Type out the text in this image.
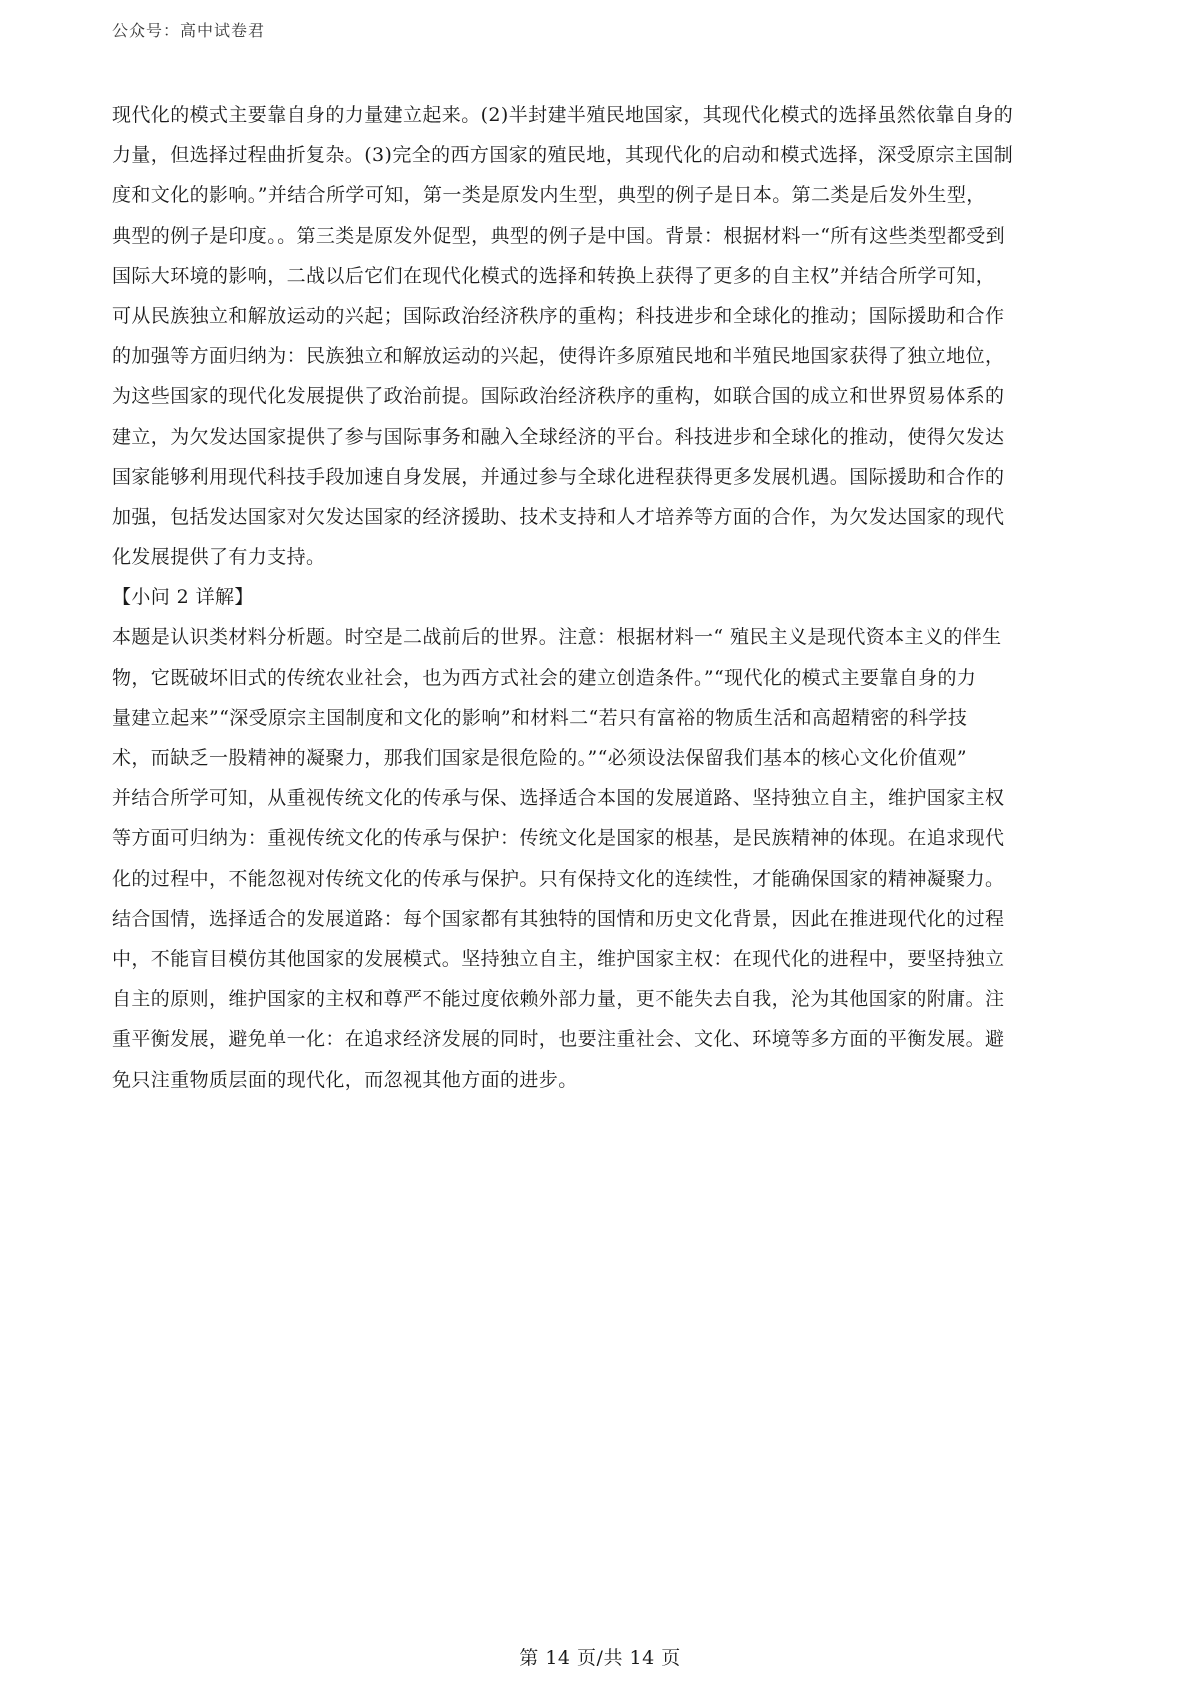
公众号：高中试卷君
现代化的模式主要靠自身的力量建立起来。(2)半封建半殖民地国家，其现代化模式的选择虽然依靠自身的
力量，但选择过程曲折复杂。(3)完全的西方国家的殖民地，其现代化的启动和模式选择，深受原宗主国制
度和文化的影响。”并结合所学可知，第一类是原发内生型，典型的例子是日本。第二类是后发外生型，
典型的例子是印度。。第三类是原发外促型，典型的例子是中国。背景：根据材料一“所有这些类型都受到
国际大环境的影响，二战以后它们在现代化模式的选择和转换上获得了更多的自主权”并结合所学可知，
可从民族独立和解放运动的兴起；国际政治经济秩序的重构；科技进步和全球化的推动；国际援助和合作
的加强等方面归纳为：民族独立和解放运动的兴起，使得许多原殖民地和半殖民地国家获得了独立地位，
为这些国家的现代化发展提供了政治前提。国际政治经济秩序的重构，如联合国的成立和世界贸易体系的
建立，为欠发达国家提供了参与国际事务和融入全球经济的平台。科技进步和全球化的推动，使得欠发达
国家能够利用现代科技手段加速自身发展，并通过参与全球化进程获得更多发展机遇。国际援助和合作的
加强，包括发达国家对欠发达国家的经济援助、技术支持和人才培养等方面的合作，为欠发达国家的现代
化发展提供了有力支持。
【小问 2 详解】
本题是认识类材料分析题。时空是二战前后的世界。注意：根据材料一“ 殖民主义是现代资本主义的伴生
物，它既破坏旧式的传统农业社会，也为西方式社会的建立创造条件。”“现代化的模式主要靠自身的力
量建立起来”“深受原宗主国制度和文化的影响”和材料二“若只有富裕的物质生活和高超精密的科学技
术，而缺乏一股精神的凝聚力，那我们国家是很危险的。”“必须设法保留我们基本的核心文化价值观”
并结合所学可知，从重视传统文化的传承与保、选择适合本国的发展道路、坚持独立自主，维护国家主权
等方面可归纳为：重视传统文化的传承与保护：传统文化是国家的根基，是民族精神的体现。在追求现代
化的过程中，不能忽视对传统文化的传承与保护。只有保持文化的连续性，才能确保国家的精神凝聚力。
结合国情，选择适合的发展道路：每个国家都有其独特的国情和历史文化背景，因此在推进现代化的过程
中，不能盲目模仿其他国家的发展模式。坚持独立自主，维护国家主权：在现代化的进程中，要坚持独立
自主的原则，维护国家的主权和尊严不能过度依赖外部力量，更不能失去自我，沦为其他国家的附庸。注
重平衡发展，避免单一化：在追求经济发展的同时，也要注重社会、文化、环境等多方面的平衡发展。避
免只注重物质层面的现代化，而忽视其他方面的进步。
第 14 页/共 14 页
